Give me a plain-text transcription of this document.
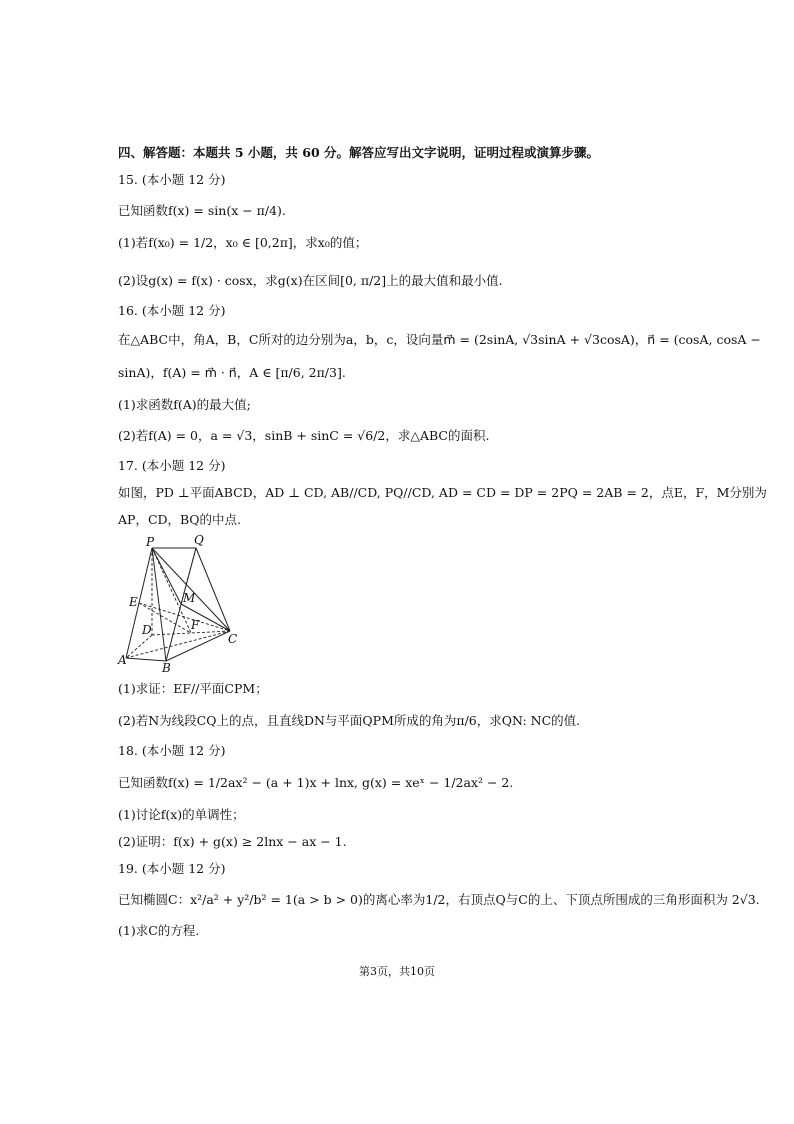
四、解答题：本题共 5 小题，共 60 分。解答应写出文字说明，证明过程或演算步骤。
15. (本小题 12 分)
已知函数f(x) = sin(x − π/4).
(1)若f(x₀) = 1/2，x₀ ∈ [0,2π]，求x₀的值；
(2)设g(x) = f(x) · cosx，求g(x)在区间[0, π/2]上的最大值和最小值.
16. (本小题 12 分)
在△ABC中，角A，B，C所对的边分别为a，b，c，设向量m⃗ = (2sinA, √3sinA + √3cosA)，n⃗ = (cosA, cosA −
sinA)，f(A) = m⃗ · n⃗，A ∈ [π/6, 2π/3].
(1)求函数f(A)的最大值;
(2)若f(A) = 0，a = √3，sinB + sinC = √6/2，求△ABC的面积.
17. (本小题 12 分)
如图，PD ⊥平面ABCD，AD ⊥ CD, AB//CD, PQ//CD, AD = CD = DP = 2PQ = 2AB = 2，点E，F，M分别为
AP，CD，BQ的中点.
P	Q
E	M
D	F
C
A
B
(1)求证：EF//平面CPM；
(2)若N为线段CQ上的点，且直线DN与平面QPM所成的角为π/6，求QN: NC的值.
18. (本小题 12 分)
已知函数f(x) = 1/2ax² − (a + 1)x + lnx, g(x) = xeˣ − 1/2ax² − 2.
(1)讨论f(x)的单调性；
(2)证明：f(x) + g(x) ≥ 2lnx − ax − 1.
19. (本小题 12 分)
已知椭圆C：x²/a² + y²/b² = 1(a > b > 0)的离心率为1/2，右顶点Q与C的上、下顶点所围成的三角形面积为 2√3.
(1)求C的方程.
第3页，共10页
